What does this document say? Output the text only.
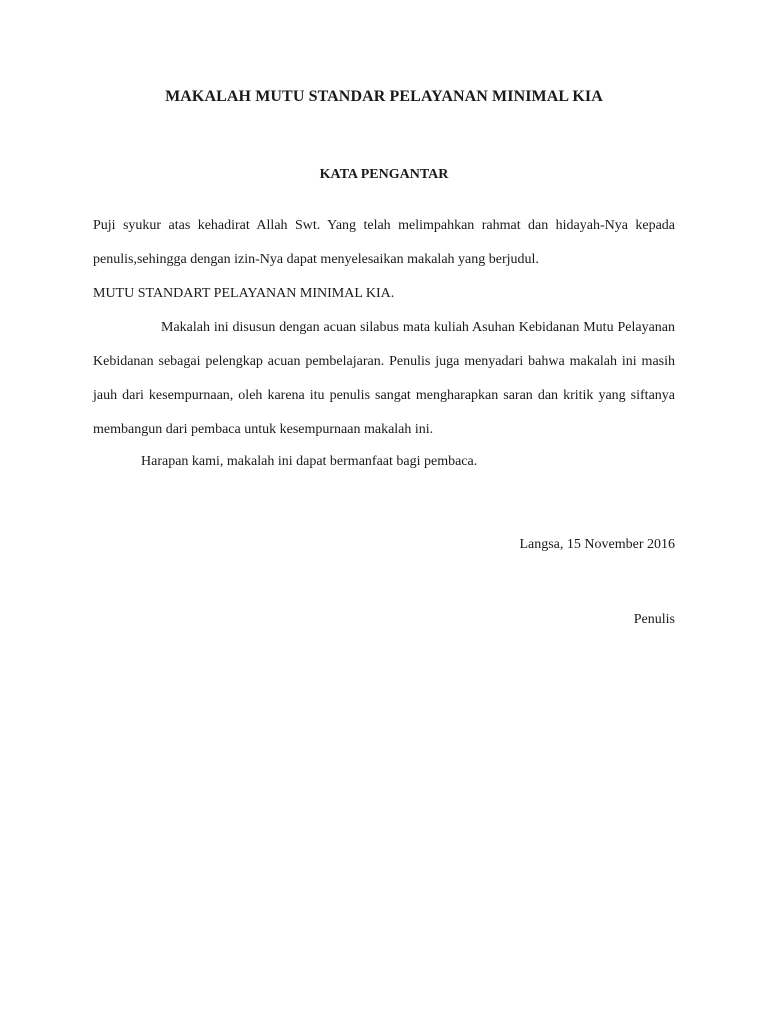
MAKALAH MUTU STANDAR PELAYANAN MINIMAL KIA
KATA PENGANTAR
Puji syukur atas kehadirat Allah Swt. Yang telah melimpahkan rahmat dan hidayah-Nya kepada penulis,sehingga dengan izin-Nya dapat menyelesaikan makalah yang berjudul.
MUTU STANDART PELAYANAN MINIMAL KIA.
Makalah ini disusun dengan acuan silabus mata kuliah Asuhan Kebidanan Mutu Pelayanan Kebidanan sebagai pelengkap acuan pembelajaran. Penulis juga menyadari bahwa makalah ini masih jauh dari kesempurnaan, oleh karena itu penulis sangat mengharapkan saran dan kritik yang siftanya membangun dari pembaca untuk kesempurnaan makalah ini.
Harapan kami, makalah ini dapat bermanfaat bagi pembaca.
Langsa, 15 November 2016
Penulis
